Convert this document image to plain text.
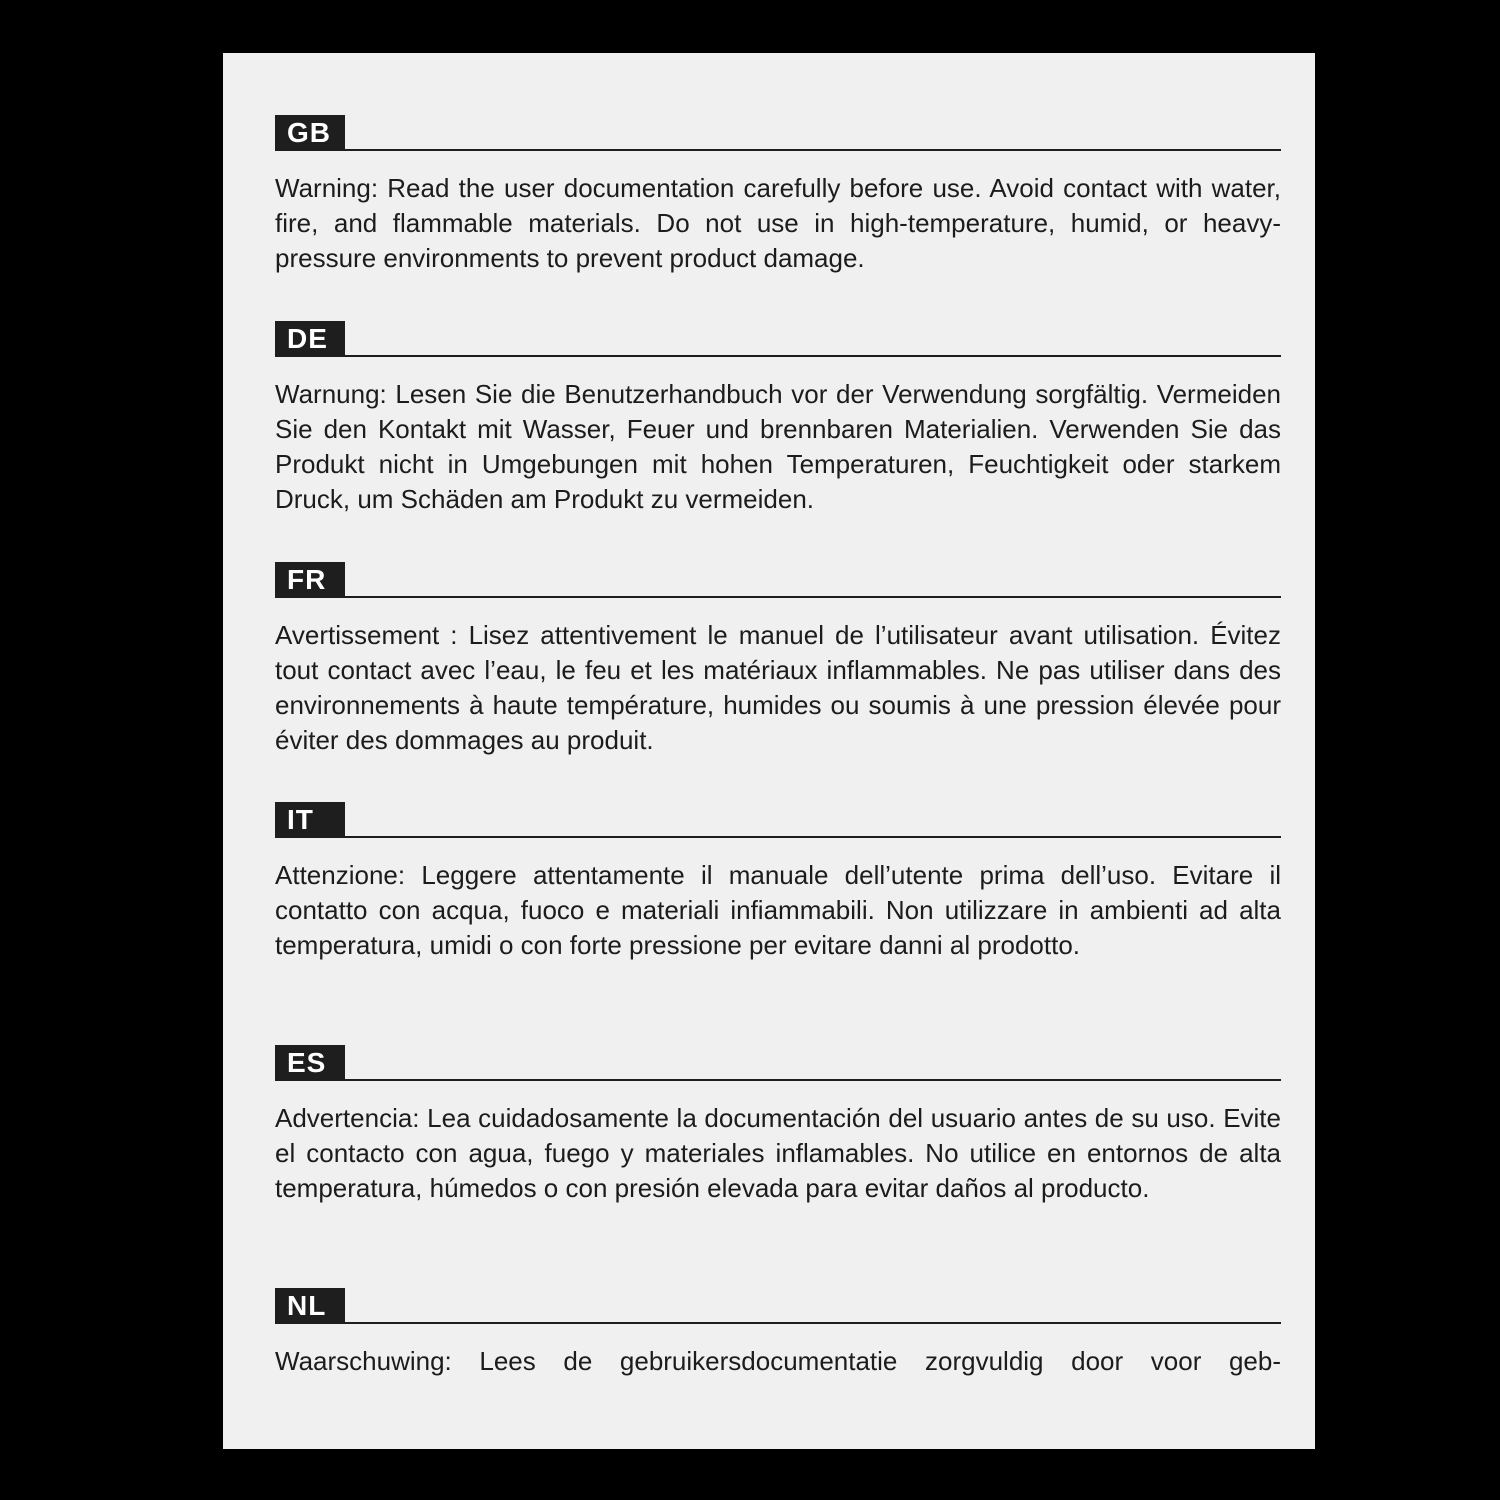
GB

Warning: Read the user documentation carefully before use. Avoid contact with water, fire, and flammable materials. Do not use in high-temperature, humid, or heavy-pressure environments to prevent product damage.

DE

Warnung: Lesen Sie die Benutzerhandbuch vor der Verwendung sorgfältig. Vermeiden Sie den Kontakt mit Wasser, Feuer und brennbaren Materialien. Verwenden Sie das Produkt nicht in Umgebungen mit hohen Temperaturen, Feuchtigkeit oder starkem Druck, um Schäden am Produkt zu vermeiden.

FR

Avertissement : Lisez attentivement le manuel de l’utilisateur avant utilisation. Évitez tout contact avec l’eau, le feu et les matériaux inflammables. Ne pas utiliser dans des environnements à haute température, humides ou soumis à une pression élevée pour éviter des dommages au produit.

IT

Attenzione: Leggere attentamente il manuale dell’utente prima dell’uso. Evitare il contatto con acqua, fuoco e materiali infiammabili. Non utilizzare in ambienti ad alta temperatura, umidi o con forte pressione per evitare danni al prodotto.

ES

Advertencia: Lea cuidadosamente la documentación del usuario antes de su uso. Evite el contacto con agua, fuego y materiales inflamables. No utilice en entornos de alta temperatura, húmedos o con presión elevada para evitar daños al producto.

NL

Waarschuwing: Lees de gebruikersdocumentatie zorgvuldig door voor geb-
